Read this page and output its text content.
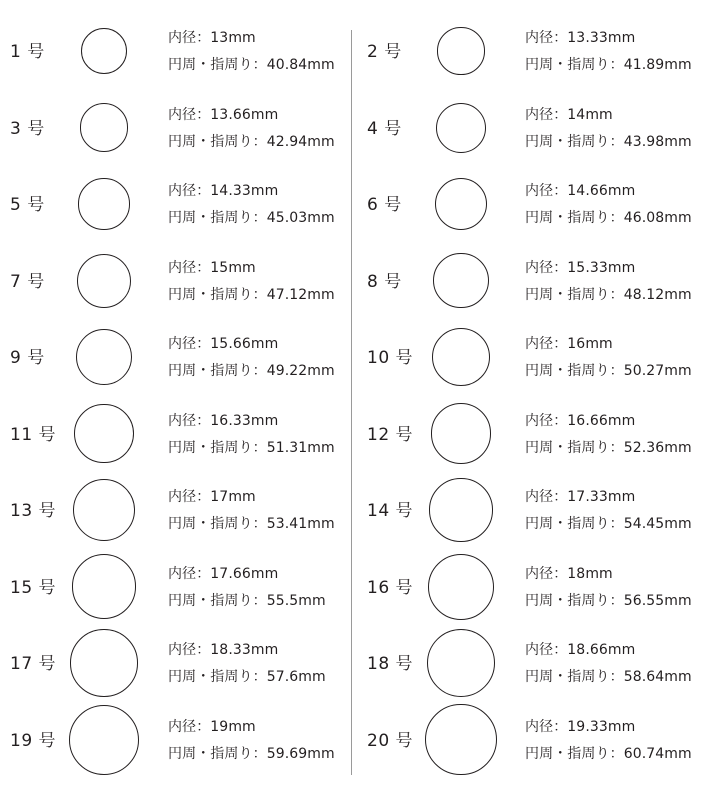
1 号
内径：13mm
円周・指周り：40.84mm
3 号
内径：13.66mm
円周・指周り：42.94mm
5 号
内径：14.33mm
円周・指周り：45.03mm
7 号
内径：15mm
円周・指周り：47.12mm
9 号
内径：15.66mm
円周・指周り：49.22mm
11 号
内径：16.33mm
円周・指周り：51.31mm
13 号
内径：17mm
円周・指周り：53.41mm
15 号
内径：17.66mm
円周・指周り：55.5mm
17 号
内径：18.33mm
円周・指周り：57.6mm
19 号
内径：19mm
円周・指周り：59.69mm
2 号
内径：13.33mm
円周・指周り：41.89mm
4 号
内径：14mm
円周・指周り：43.98mm
6 号
内径：14.66mm
円周・指周り：46.08mm
8 号
内径：15.33mm
円周・指周り：48.12mm
10 号
内径：16mm
円周・指周り：50.27mm
12 号
内径：16.66mm
円周・指周り：52.36mm
14 号
内径：17.33mm
円周・指周り：54.45mm
16 号
内径：18mm
円周・指周り：56.55mm
18 号
内径：18.66mm
円周・指周り：58.64mm
20 号
内径：19.33mm
円周・指周り：60.74mm
